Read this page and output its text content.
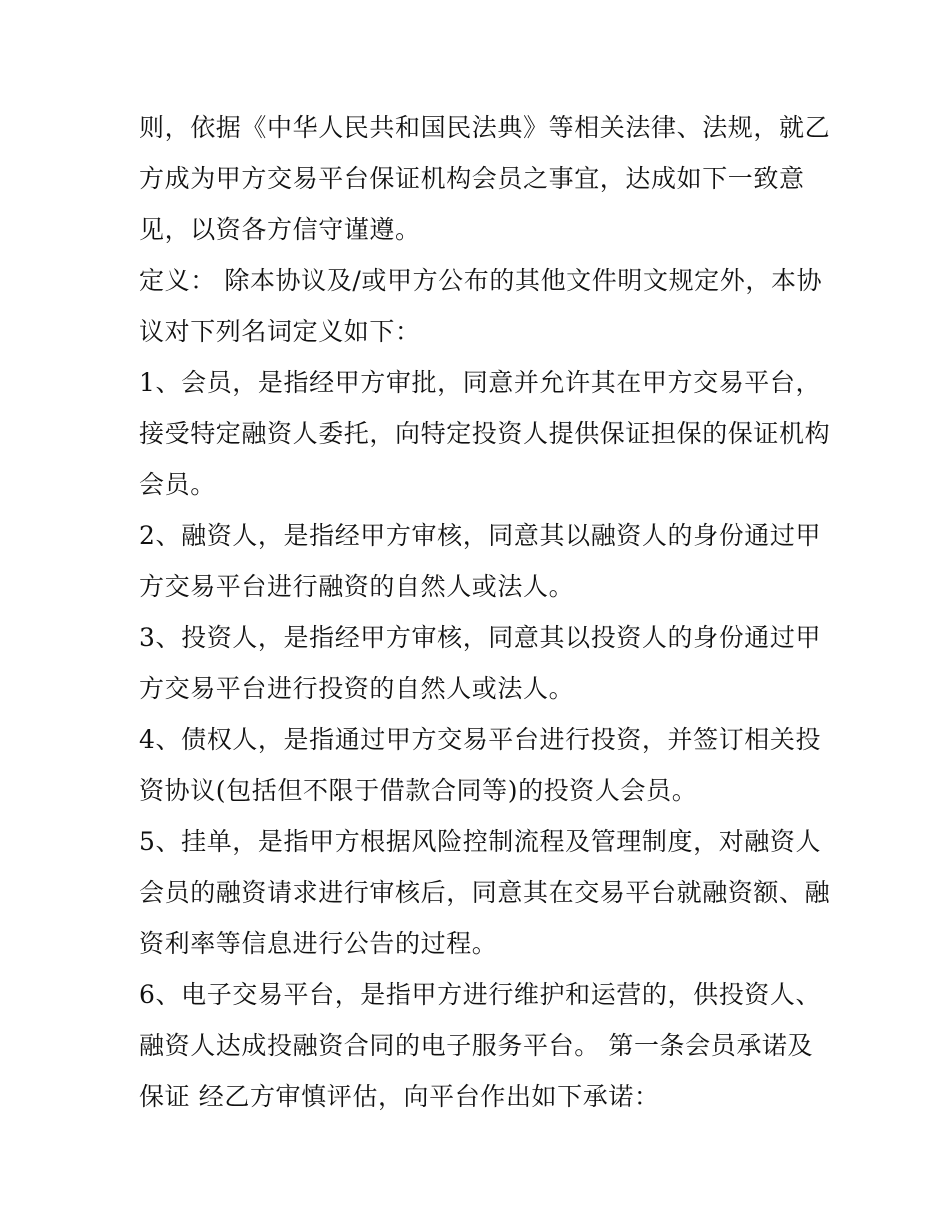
则，依据《中华人民共和国民法典》等相关法律、法规，就乙
方成为甲方交易平台保证机构会员之事宜，达成如下一致意
见，以资各方信守谨遵。
定义： 除本协议及/或甲方公布的其他文件明文规定外，本协
议对下列名词定义如下：
1、会员，是指经甲方审批，同意并允许其在甲方交易平台，
接受特定融资人委托，向特定投资人提供保证担保的保证机构
会员。
2、融资人，是指经甲方审核，同意其以融资人的身份通过甲
方交易平台进行融资的自然人或法人。
3、投资人，是指经甲方审核，同意其以投资人的身份通过甲
方交易平台进行投资的自然人或法人。
4、债权人，是指通过甲方交易平台进行投资，并签订相关投
资协议(包括但不限于借款合同等)的投资人会员。
5、挂单，是指甲方根据风险控制流程及管理制度，对融资人
会员的融资请求进行审核后，同意其在交易平台就融资额、融
资利率等信息进行公告的过程。
6、电子交易平台，是指甲方进行维护和运营的，供投资人、
融资人达成投融资合同的电子服务平台。 第一条会员承诺及
保证 经乙方审慎评估，向平台作出如下承诺：
